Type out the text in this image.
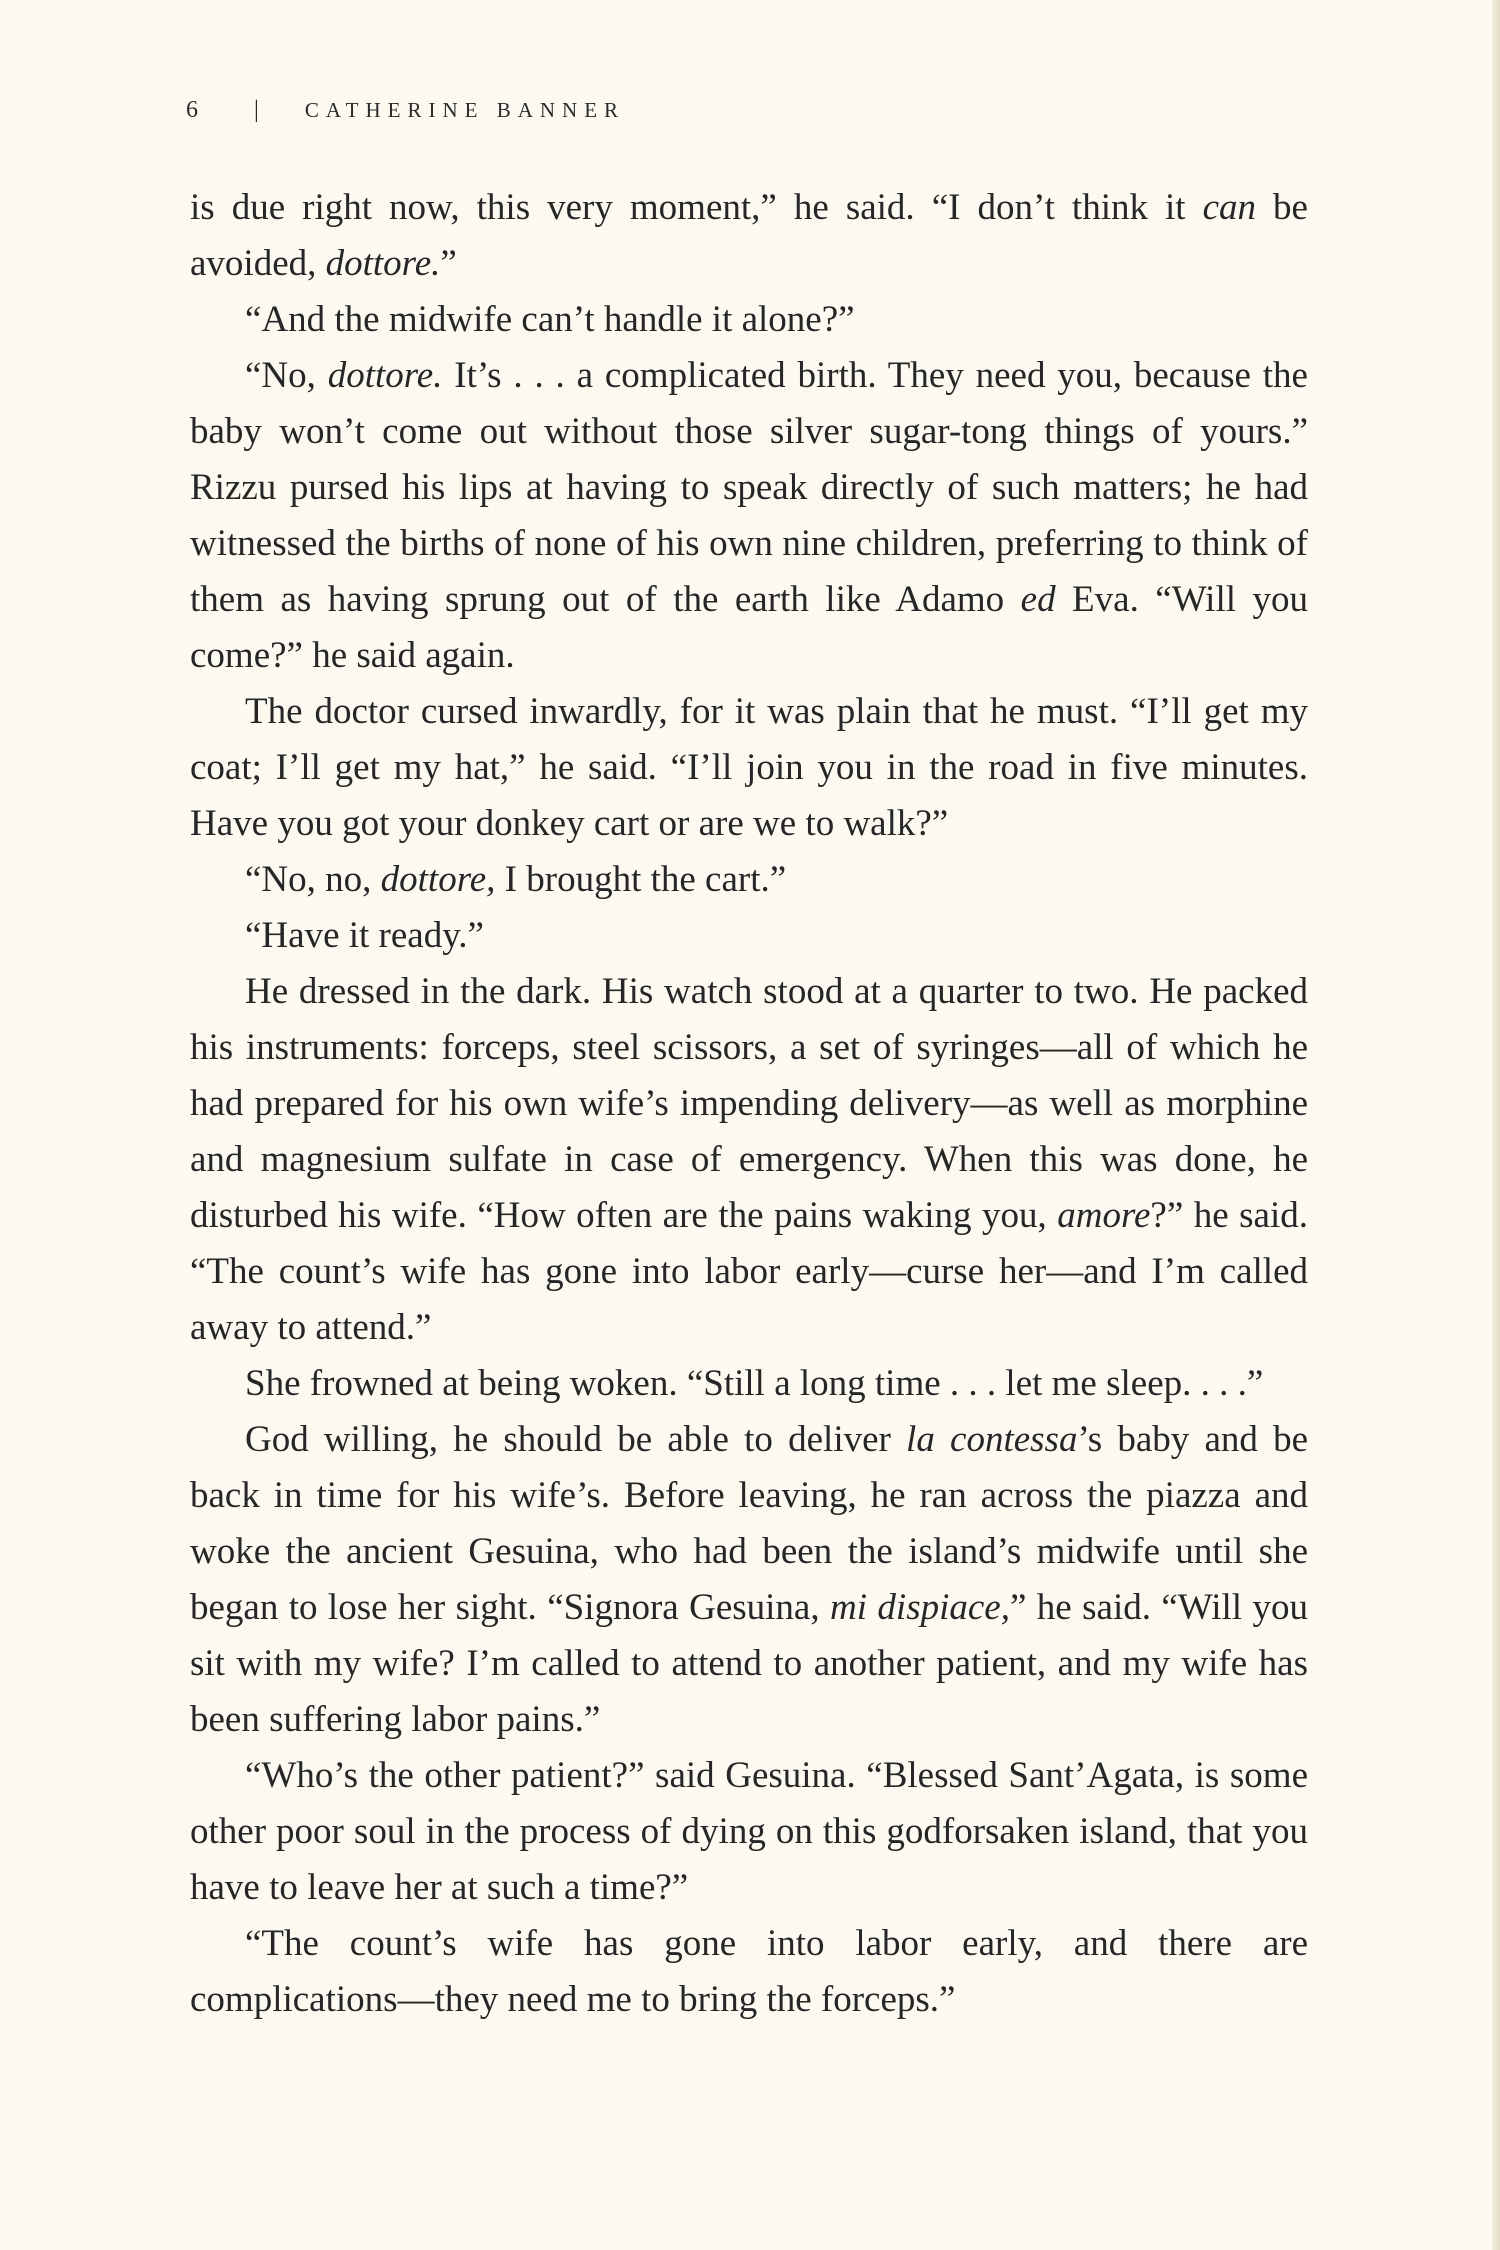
6 | CATHERINE BANNER

is due right now, this very moment,” he said. “I don’t think it can be avoided, dottore.”

“And the midwife can’t handle it alone?”

“No, dottore. It’s . . . a complicated birth. They need you, because the baby won’t come out without those silver sugar-tong things of yours.” Rizzu pursed his lips at having to speak directly of such matters; he had witnessed the births of none of his own nine children, preferring to think of them as having sprung out of the earth like Adamo ed Eva. “Will you come?” he said again.

The doctor cursed inwardly, for it was plain that he must. “I’ll get my coat; I’ll get my hat,” he said. “I’ll join you in the road in five minutes. Have you got your donkey cart or are we to walk?”

“No, no, dottore, I brought the cart.”

“Have it ready.”

He dressed in the dark. His watch stood at a quarter to two. He packed his instruments: forceps, steel scissors, a set of syringes—all of which he had prepared for his own wife’s impending delivery—as well as morphine and magnesium sulfate in case of emergency. When this was done, he disturbed his wife. “How often are the pains waking you, amore?” he said. “The count’s wife has gone into labor early—curse her—and I’m called away to attend.”

She frowned at being woken. “Still a long time . . . let me sleep. . . .”

God willing, he should be able to deliver la contessa’s baby and be back in time for his wife’s. Before leaving, he ran across the piazza and woke the ancient Gesuina, who had been the island’s midwife until she began to lose her sight. “Signora Gesuina, mi dispiace,” he said. “Will you sit with my wife? I’m called to attend to another patient, and my wife has been suffering labor pains.”

“Who’s the other patient?” said Gesuina. “Blessed Sant’Agata, is some other poor soul in the process of dying on this godforsaken island, that you have to leave her at such a time?”

“The count’s wife has gone into labor early, and there are complications—they need me to bring the forceps.”
